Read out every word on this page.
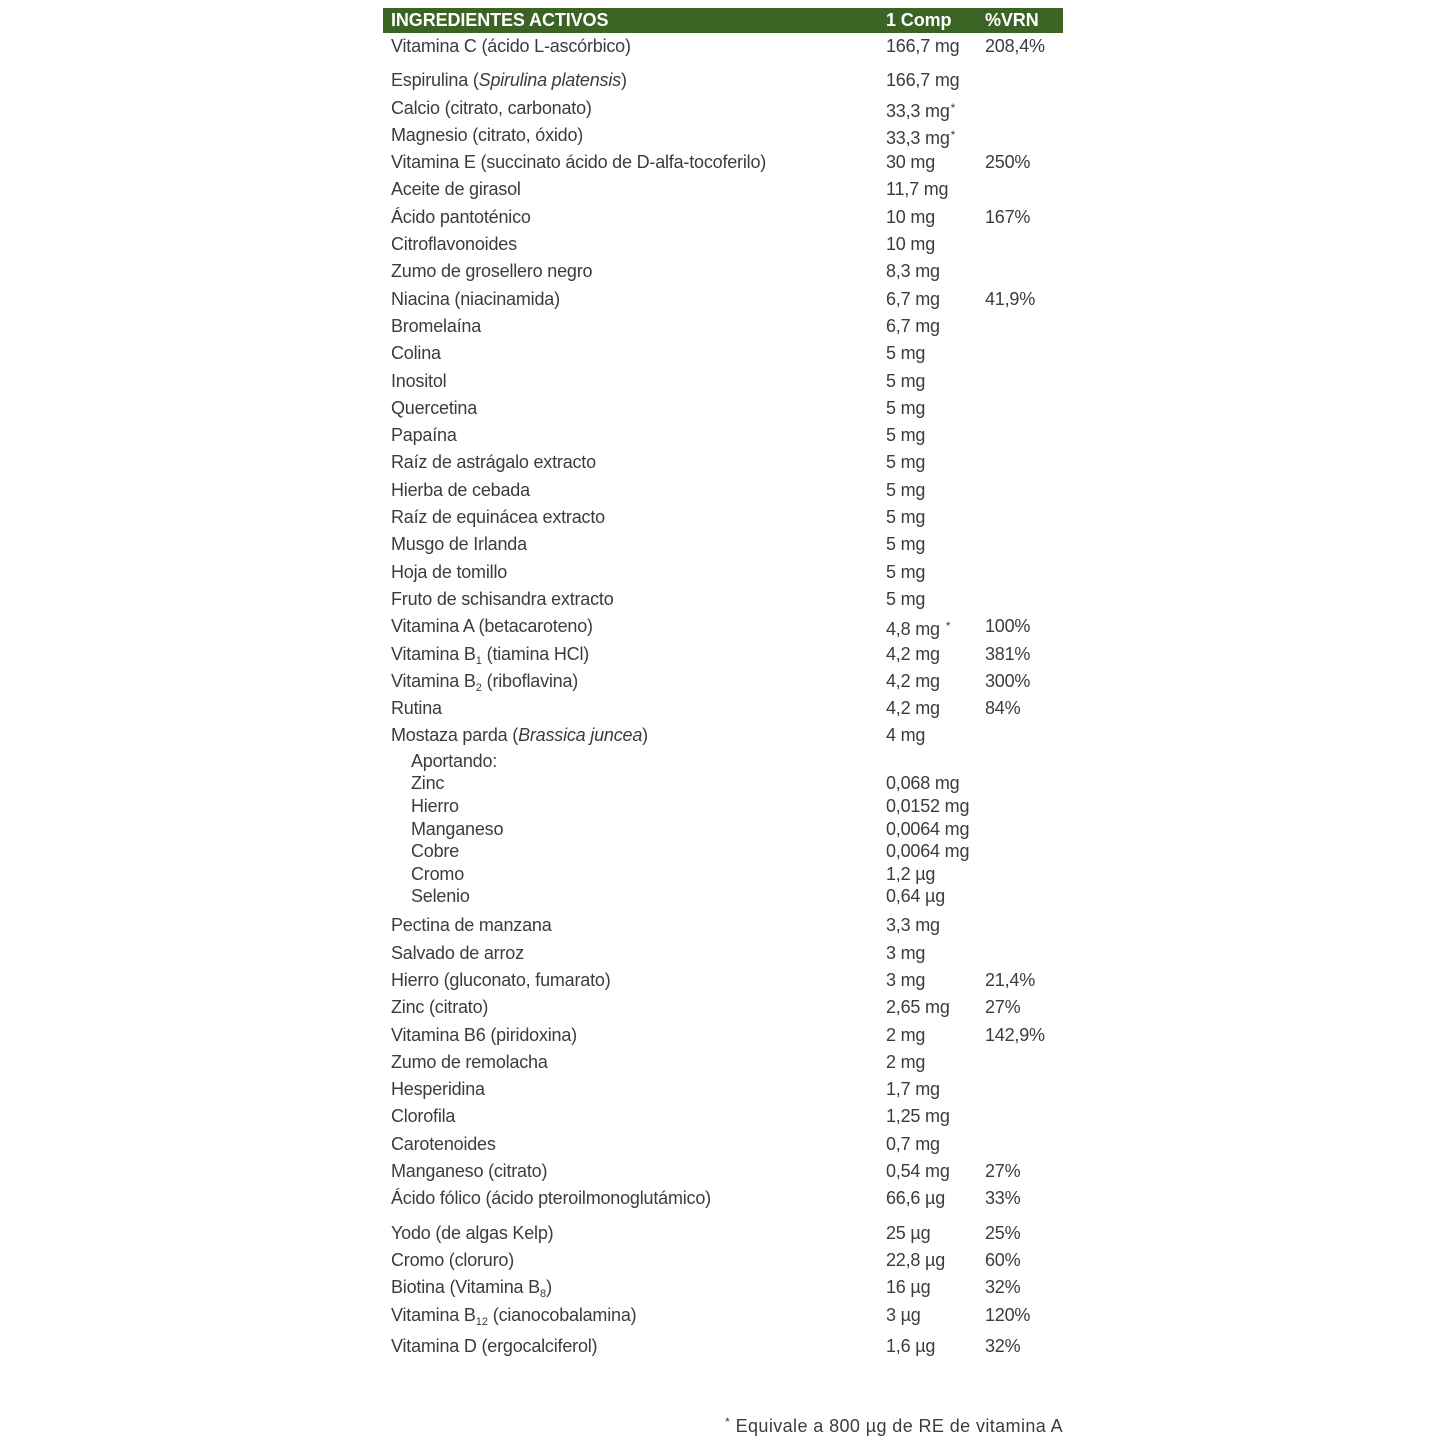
INGREDIENTES ACTIVOS	1 Comp %VRN
Vitamina C (ácido L-ascórbico)	166,7 mg 208,4%
Espirulina (Spirulina platensis)	166,7 mg
Calcio (citrato, carbonato)	33,3 mg*
Magnesio (citrato, óxido)	33,3 mg*
Vitamina E (succinato ácido de D-alfa-tocoferilo)	30 mg	250%
Aceite de girasol	11,7 mg
Ácido pantoténico	10 mg	167%
Citroflavonoides	10 mg
Zumo de grosellero negro	8,3 mg
Niacina (niacinamida)	6,7 mg	41,9%
Bromelaína	6,7 mg
Colina	5 mg
Inositol	5 mg
Quercetina	5 mg
Papaína	5 mg
Raíz de astrágalo extracto	5 mg
Hierba de cebada	5 mg
Raíz de equinácea extracto	5 mg
Musgo de Irlanda	5 mg
Hoja de tomillo	5 mg
Fruto de schisandra extracto	5 mg
Vitamina A (betacaroteno)	4,8 mg * 100%
Vitamina $B_1$ (tiamina HCl)	4,2 mg	381%
Vitamina $B_2$ (riboflavina)	4,2 mg	300%
Rutina	4,2 mg	84%
Mostaza parda (Brassica juncea)	4 mg
Aportando:
Zinc	0,068 mg
Hierro	0,0152 mg
Manganeso	0,0064 mg
Cobre	0,0064 mg
Cromo	1,2 µg
Selenio	0,64 µg
Pectina de manzana	3,3 mg
Salvado de arroz	3 mg
Hierro (gluconato, fumarato)	3 mg	21,4%
Zinc (citrato)	2,65 mg 27%
Vitamina B6 (piridoxina)	2 mg	142,9%
Zumo de remolacha	2 mg
Hesperidina	1,7 mg
Clorofila	1,25 mg
Carotenoides	0,7 mg
Manganeso (citrato)	0,54 mg 27%
Ácido fólico (ácido pteroilmonoglutámico)	66,6 µg 33%
Yodo (de algas Kelp)	25 µg	25%
Cromo (cloruro)	22,8 µg 60%
Biotina (Vitamina $B_8$)	16 µg	32%
Vitamina $B_{12}$ (cianocobalamina)	3 µg	120%
Vitamina D (ergocalciferol)	1,6 µg	32%
* Equivale a 800 µg de RE de vitamina A
